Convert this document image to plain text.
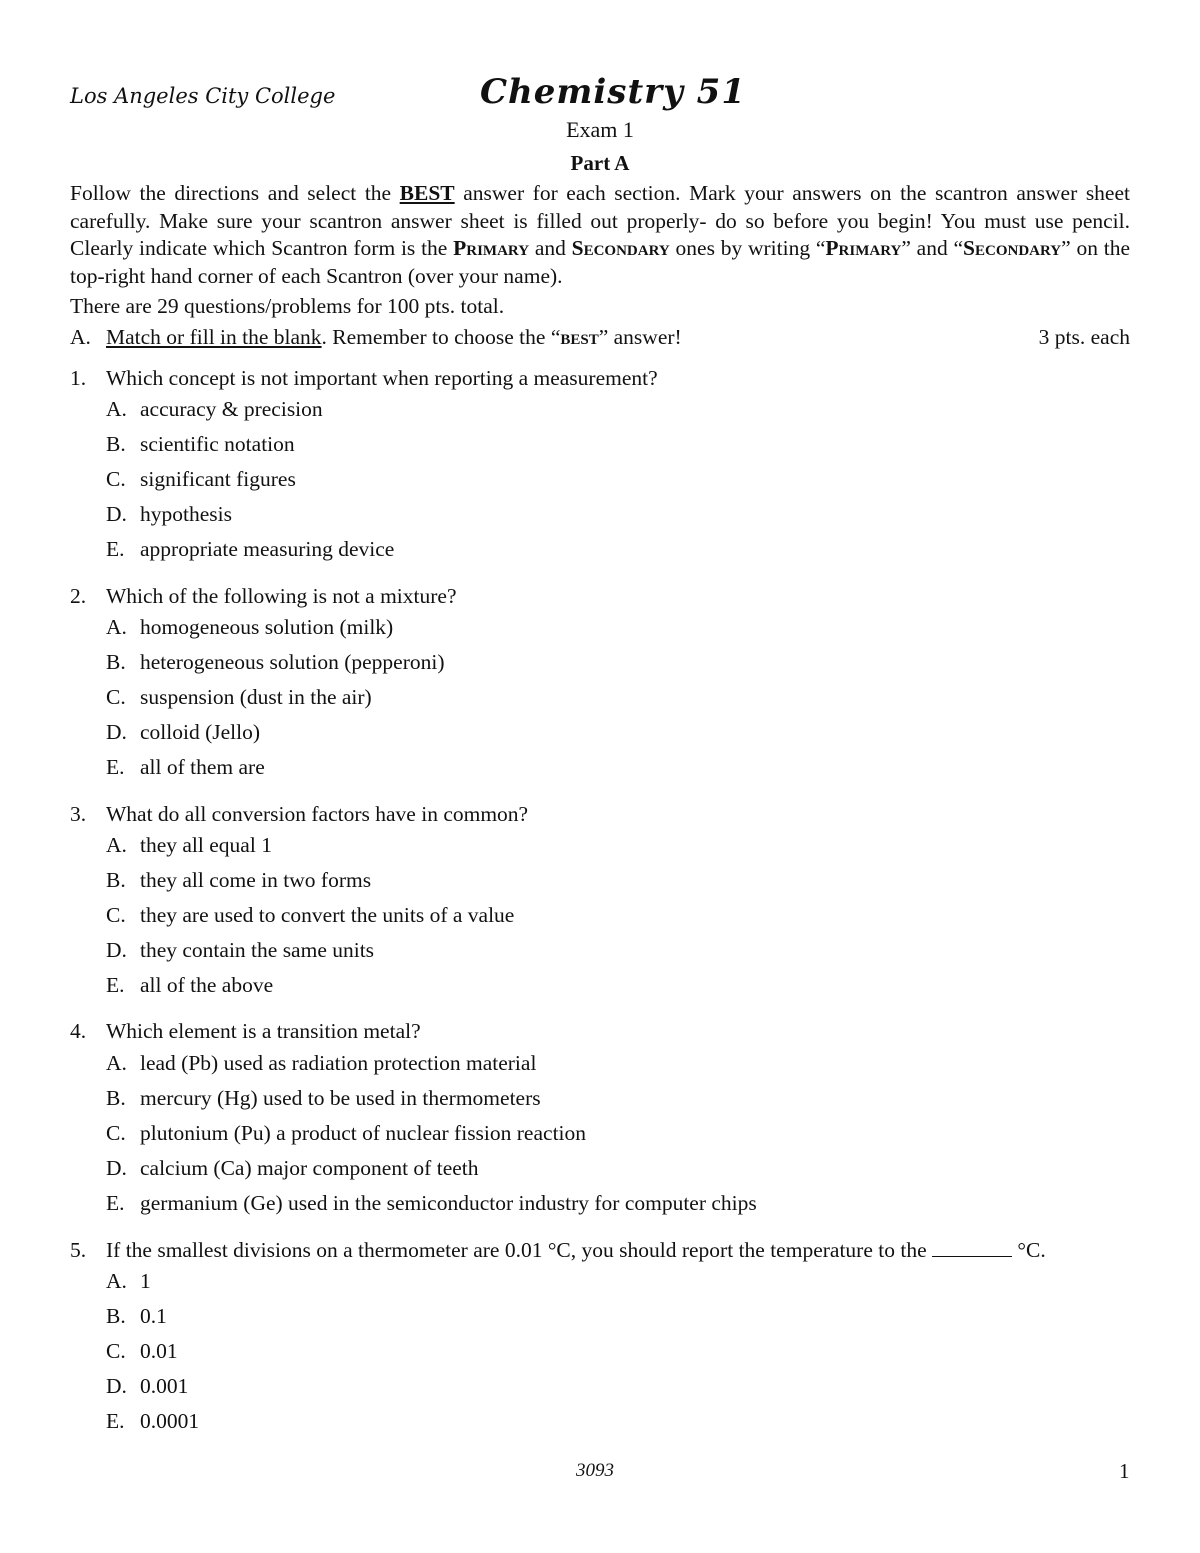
Los Angeles City College	Chemistry 51
Exam 1
Part A
Follow the directions and select the BEST answer for each section. Mark your answers on the scantron answer sheet carefully. Make sure your scantron answer sheet is filled out properly- do so before you begin! You must use pencil. Clearly indicate which Scantron form is the Primary and Secondary ones by writing “Primary” and “Secondary” on the top-right hand corner of each Scantron (over your name).
There are 29 questions/problems for 100 pts. total.
A. Match or fill in the blank. Remember to choose the “best” answer!	3 pts. each
1. Which concept is not important when reporting a measurement?
A. accuracy & precision
B. scientific notation
C. significant figures
D. hypothesis
E. appropriate measuring device
2. Which of the following is not a mixture?
A. homogeneous solution (milk)
B. heterogeneous solution (pepperoni)
C. suspension (dust in the air)
D. colloid (Jello)
E. all of them are
3. What do all conversion factors have in common?
A. they all equal 1
B. they all come in two forms
C. they are used to convert the units of a value
D. they contain the same units
E. all of the above
4. Which element is a transition metal?
A. lead (Pb) used as radiation protection material
B. mercury (Hg) used to be used in thermometers
C. plutonium (Pu) a product of nuclear fission reaction
D. calcium (Ca) major component of teeth
E. germanium (Ge) used in the semiconductor industry for computer chips
5. If the smallest divisions on a thermometer are 0.01 °C, you should report the temperature to the	°C.
A. 1
B. 0.1
C. 0.01
D. 0.001
E. 0.0001
3093	1
